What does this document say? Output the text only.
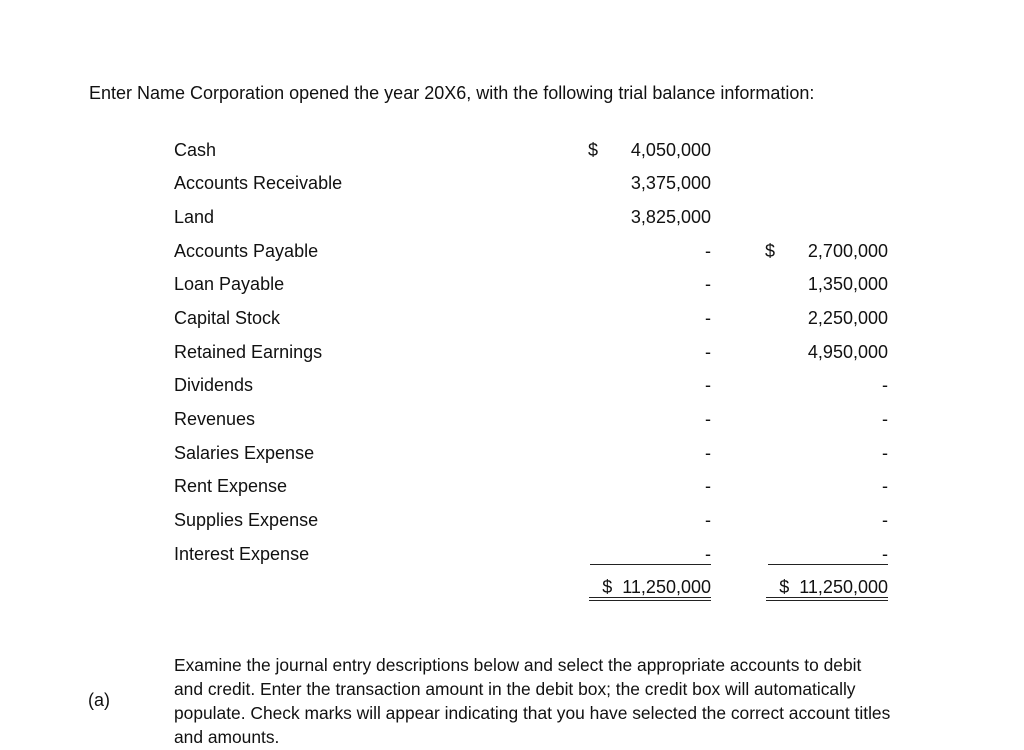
Enter Name Corporation opened the year 20X6, with the following trial balance information:
Cash	$ 4,050,000
Accounts Receivable	3,375,000
Land	3,825,000
Accounts Payable	-	$ 2,700,000
Loan Payable	-	1,350,000
Capital Stock	-	2,250,000
Retained Earnings	-	4,950,000
Dividends	-	-
Revenues	-	-
Salaries Expense	-	-
Rent Expense	-	-
Supplies Expense	-	-
Interest Expense	-	-
$  11,250,000	$  11,250,000
(a)
Examine the journal entry descriptions below and select the appropriate accounts to debit and credit. Enter the transaction amount in the debit box; the credit box will automatically populate. Check marks will appear indicating that you have selected the correct account titles and amounts.
